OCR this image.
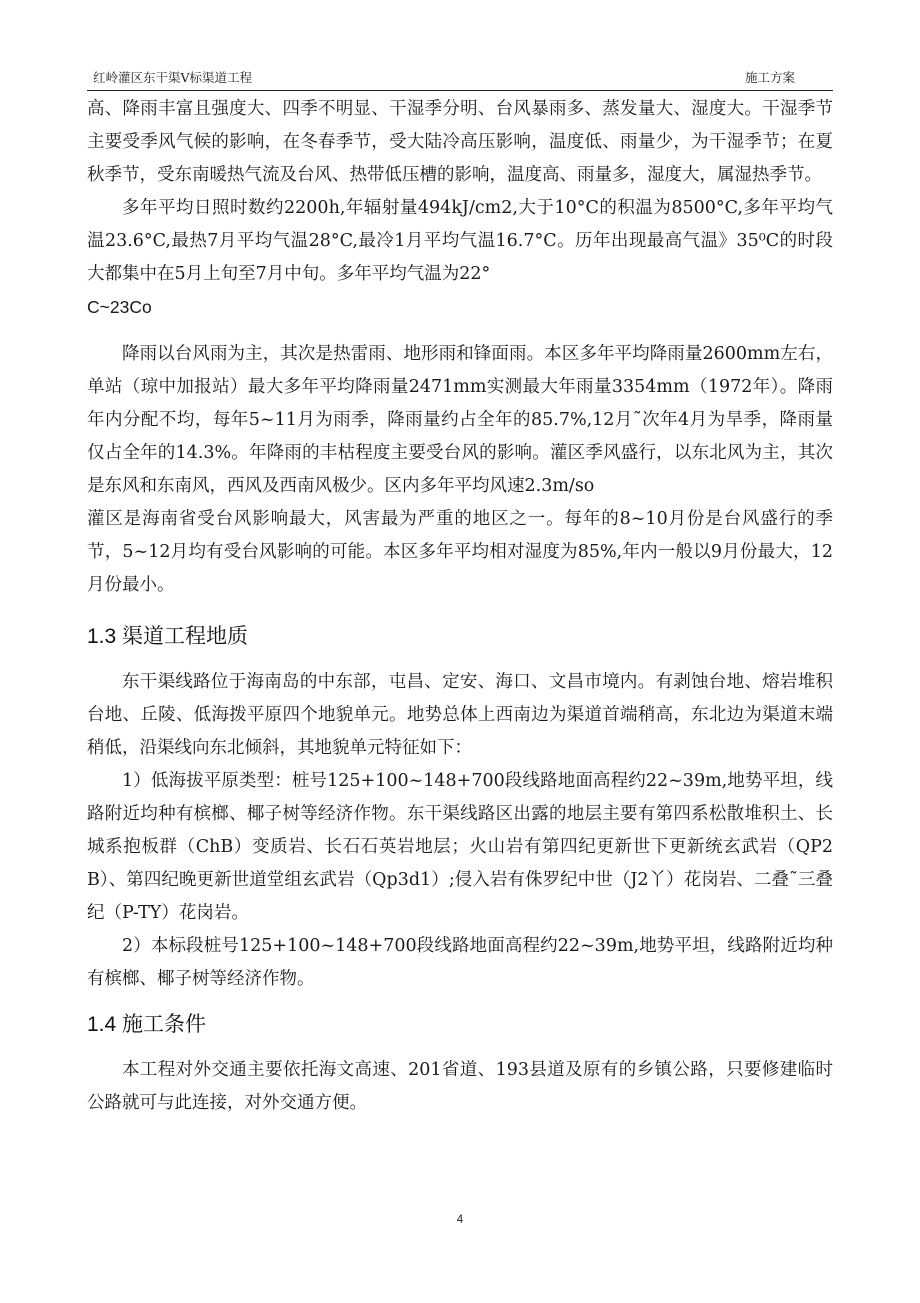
红岭灌区东干渠Ⅴ标渠道工程	施工方案

高、降雨丰富且强度大、四季不明显、干湿季分明、台风暴雨多、蒸发量大、湿度大。干湿季节主要受季风气候的影响，在冬春季节，受大陆冷高压影响，温度低、雨量少，为干湿季节；在夏秋季节，受东南暖热气流及台风、热带低压槽的影响，温度高、雨量多，湿度大，属湿热季节。

多年平均日照时数约2200h,年辐射量494kJ/cm2,大于10°C的积温为8500°C,多年平均气温23.6°C,最热7月平均气温28°C,最冷1月平均气温16.7°C。历年出现最高气温》35⁰C的时段大都集中在5月上旬至7月中旬。多年平均气温为22°

C~23Co

降雨以台风雨为主，其次是热雷雨、地形雨和锋面雨。本区多年平均降雨量2600mm左右，单站（琼中加报站）最大多年平均降雨量2471mm实测最大年雨量3354mm（1972年）。降雨年内分配不均，每年5~11月为雨季，降雨量约占全年的85.7%,12月˜次年4月为旱季，降雨量仅占全年的14.3%。年降雨的丰枯程度主要受台风的影响。灌区季风盛行，以东北风为主，其次是东风和东南风，西风及西南风极少。区内多年平均风速2.3m/so

灌区是海南省受台风影响最大，风害最为严重的地区之一。每年的8~10月份是台风盛行的季节，5~12月均有受台风影响的可能。本区多年平均相对湿度为85%,年内一般以9月份最大，12月份最小。

1.3 渠道工程地质

东干渠线路位于海南岛的中东部，屯昌、定安、海口、文昌市境内。有剥蚀台地、熔岩堆积台地、丘陵、低海拨平原四个地貌单元。地势总体上西南边为渠道首端稍高，东北边为渠道末端稍低，沿渠线向东北倾斜，其地貌单元特征如下：

1）低海拔平原类型：桩号125+100~148+700段线路地面高程约22~39m,地势平坦，线路附近均种有槟榔、椰子树等经济作物。东干渠线路区出露的地层主要有第四系松散堆积土、长城系抱板群（ChB）变质岩、长石石英岩地层；火山岩有第四纪更新世下更新统玄武岩（QP2B）、第四纪晚更新世道堂组玄武岩（Qp3d1）;侵入岩有侏罗纪中世（J2丫）花岗岩、二叠˜三叠纪（P-TY）花岗岩。

2）本标段桩号125+100~148+700段线路地面高程约22~39m,地势平坦，线路附近均种有槟榔、椰子树等经济作物。

1.4 施工条件

本工程对外交通主要依托海文高速、201省道、193县道及原有的乡镇公路，只要修建临时公路就可与此连接，对外交通方便。

4
